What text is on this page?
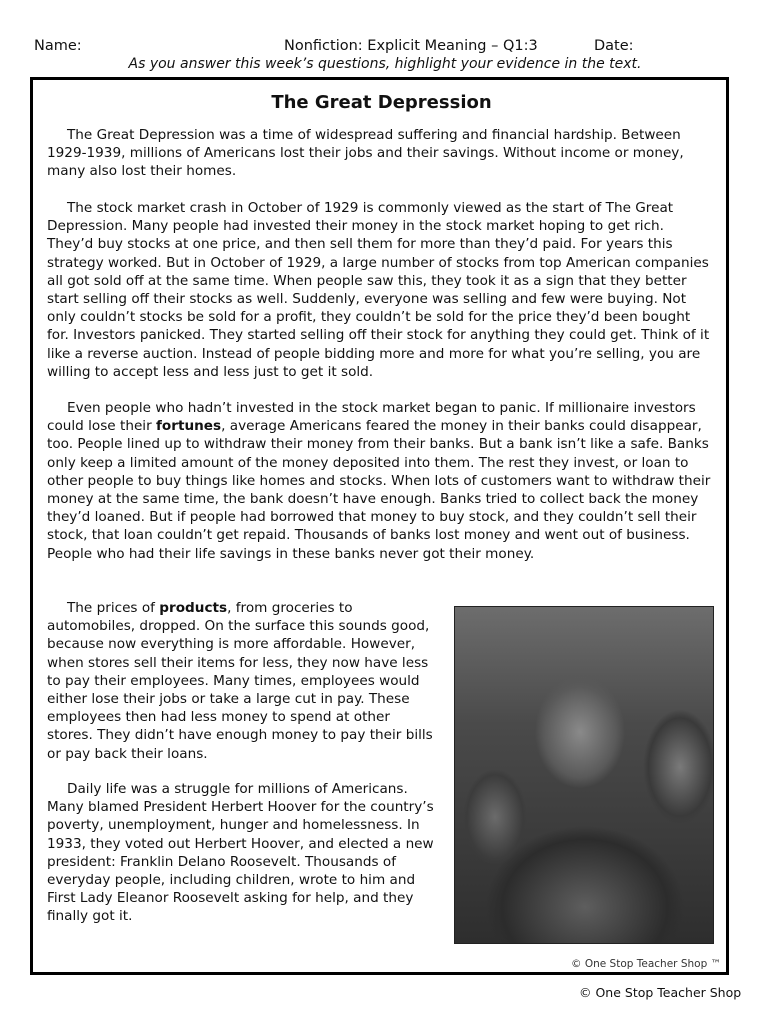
Name:	Nonfiction: Explicit Meaning – Q1:3	Date:
As you answer this week’s questions, highlight your evidence in the text.
The Great Depression

The Great Depression was a time of widespread suffering and financial hardship. Between 1929-1939, millions of Americans lost their jobs and their savings. Without income or money, many also lost their homes.

The stock market crash in October of 1929 is commonly viewed as the start of The Great Depression. Many people had invested their money in the stock market hoping to get rich. They’d buy stocks at one price, and then sell them for more than they’d paid. For years this strategy worked. But in October of 1929, a large number of stocks from top American companies all got sold off at the same time. When people saw this, they took it as a sign that they better start selling off their stocks as well. Suddenly, everyone was selling and few were buying. Not only couldn’t stocks be sold for a profit, they couldn’t be sold for the price they’d been bought for. Investors panicked. They started selling off their stock for anything they could get. Think of it like a reverse auction. Instead of people bidding more and more for what you’re selling, you are willing to accept less and less just to get it sold.

Even people who hadn’t invested in the stock market began to panic. If millionaire investors could lose their fortunes, average Americans feared the money in their banks could disappear, too. People lined up to withdraw their money from their banks. But a bank isn’t like a safe. Banks only keep a limited amount of the money deposited into them. The rest they invest, or loan to other people to buy things like homes and stocks. When lots of customers want to withdraw their money at the same time, the bank doesn’t have enough. Banks tried to collect back the money they’d loaned. But if people had borrowed that money to buy stock, and they couldn’t sell their stock, that loan couldn’t get repaid. Thousands of banks lost money and went out of business. People who had their life savings in these banks never got their money.

The prices of products, from groceries to automobiles, dropped. On the surface this sounds good, because now everything is more affordable. However, when stores sell their items for less, they now have less to pay their employees. Many times, employees would either lose their jobs or take a large cut in pay. These employees then had less money to spend at other stores. They didn’t have enough money to pay their bills or pay back their loans.

Daily life was a struggle for millions of Americans. Many blamed President Herbert Hoover for the country’s poverty, unemployment, hunger and homelessness. In 1933, they voted out Herbert Hoover, and elected a new president: Franklin Delano Roosevelt. Thousands of everyday people, including children, wrote to him and First Lady Eleanor Roosevelt asking for help, and they finally got it.

© One Stop Teacher Shop ™
© One Stop Teacher Shop
